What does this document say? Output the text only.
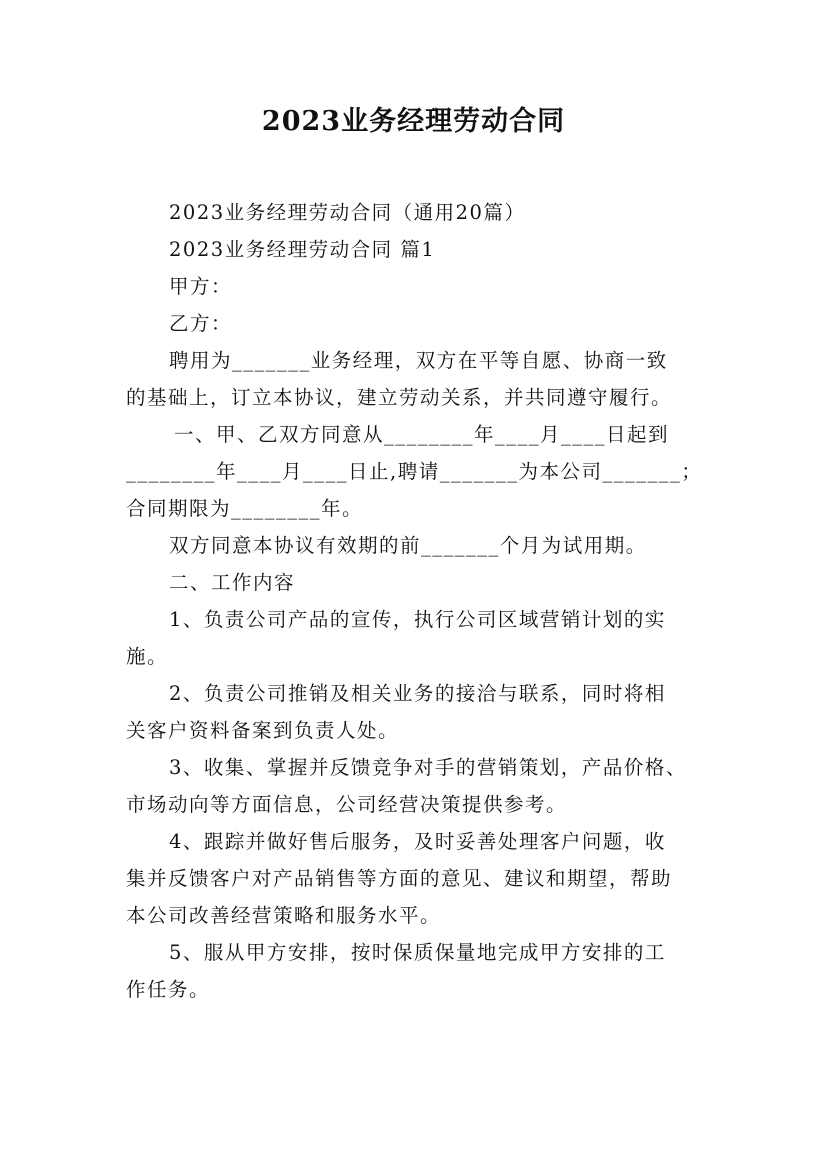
2023业务经理劳动合同
2023业务经理劳动合同（通用20篇）
2023业务经理劳动合同 篇1
甲方：
乙方：
聘用为_______业务经理，双方在平等自愿、协商一致
的基础上，订立本协议，建立劳动关系，并共同遵守履行。
一、甲、乙双方同意从________年____月____日起到
________年____月____日止,聘请_______为本公司_______；
合同期限为________年。
双方同意本协议有效期的前_______个月为试用期。
二、工作内容
1、负责公司产品的宣传，执行公司区域营销计划的实
施。
2、负责公司推销及相关业务的接洽与联系，同时将相
关客户资料备案到负责人处。
3、收集、掌握并反馈竞争对手的营销策划，产品价格、
市场动向等方面信息，公司经营决策提供参考。
4、跟踪并做好售后服务，及时妥善处理客户问题，收
集并反馈客户对产品销售等方面的意见、建议和期望，帮助
本公司改善经营策略和服务水平。
5、服从甲方安排，按时保质保量地完成甲方安排的工
作任务。
